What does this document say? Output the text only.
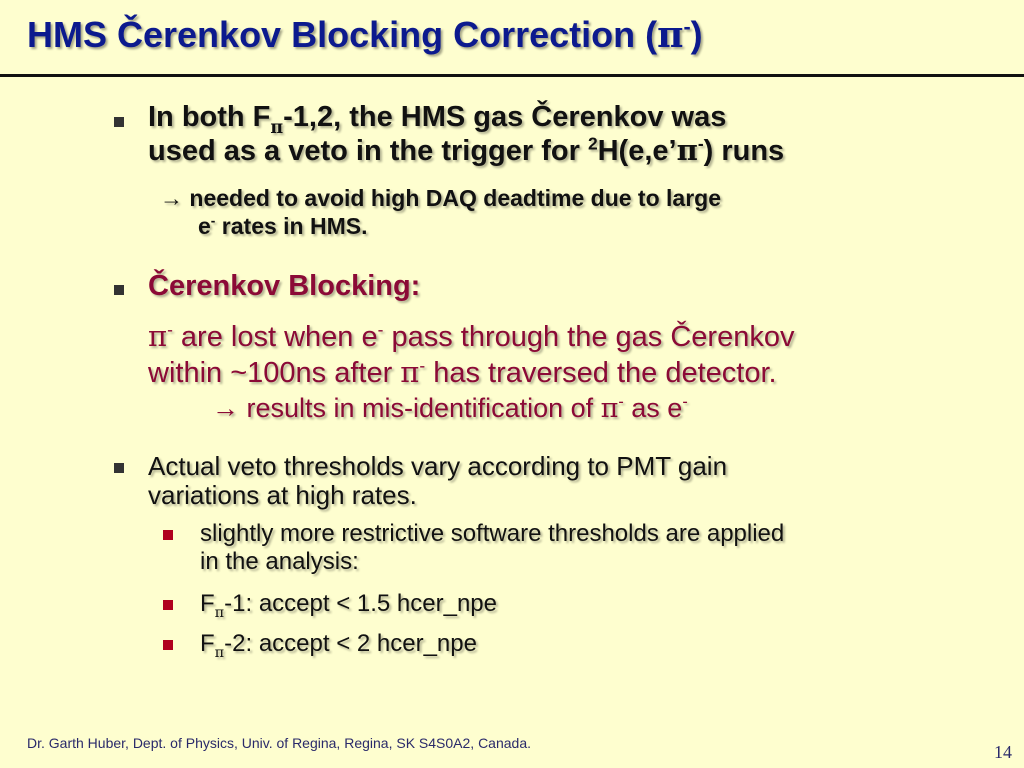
HMS Čerenkov Blocking Correction (π-)
In both $F_\pi-1,2$, the HMS gas Čerenkov was
used as a veto in the trigger for $^2$H(e,e’π-) runs
→ needed to avoid high DAQ deadtime due to large
e- rates in HMS.
Čerenkov Blocking:
π- are lost when e- pass through the gas Čerenkov
within ~100ns after π- has traversed the detector.
→ results in mis-identification of π- as e-
Actual veto thresholds vary according to PMT gain
variations at high rates.
slightly more restrictive software thresholds are applied
in the analysis:
$F_\pi-1$: accept < 1.5 hcer_npe
$F_\pi-2$: accept < 2 hcer_npe
Dr. Garth Huber, Dept. of Physics, Univ. of Regina, Regina, SK S4S0A2, Canada.	14
